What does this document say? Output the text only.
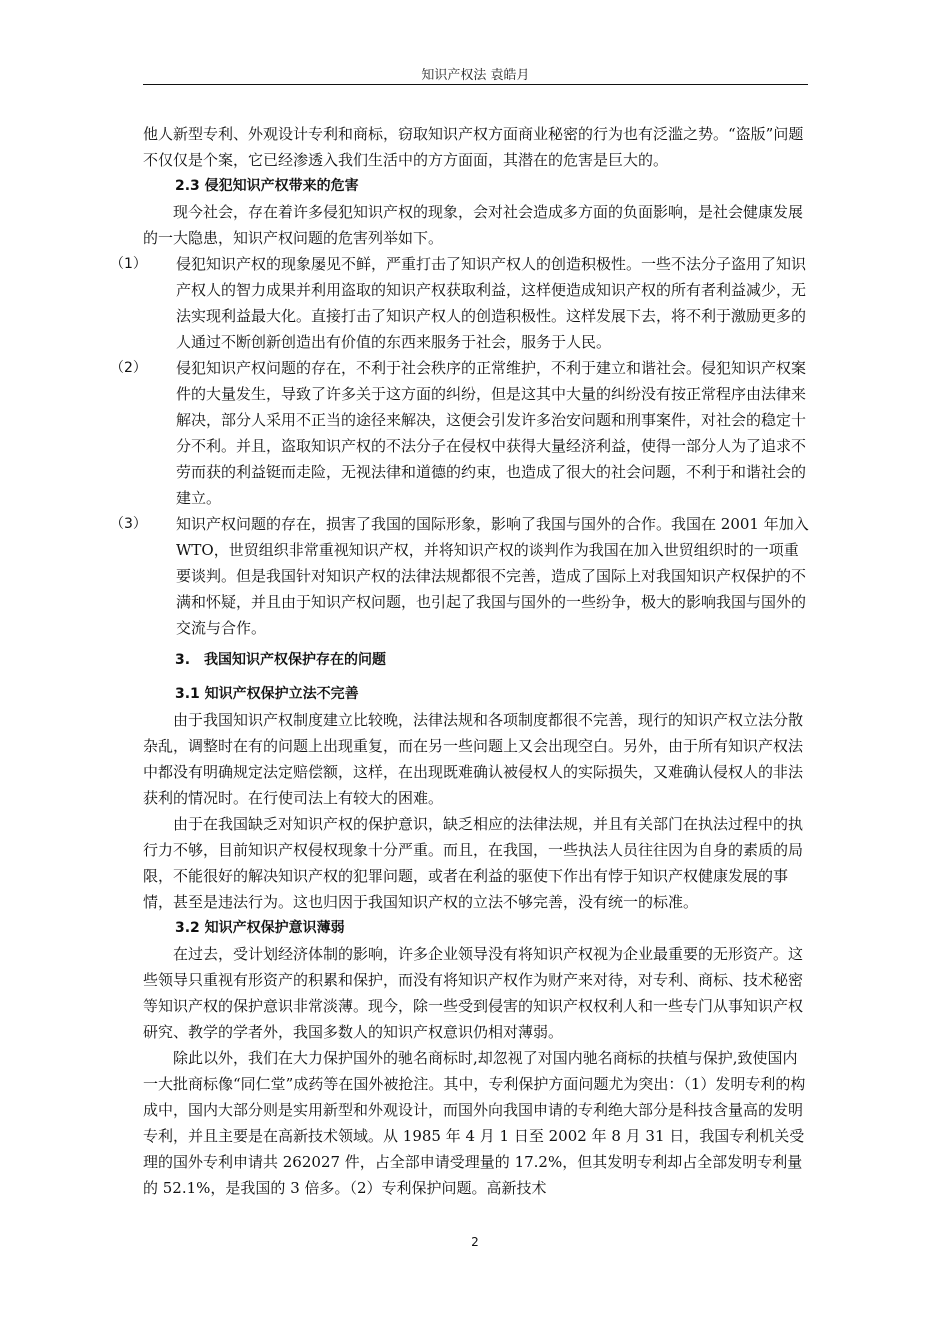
知识产权法 袁皓月

他人新型专利、外观设计专利和商标，窃取知识产权方面商业秘密的行为也有泛滥之势。“盗版”问题不仅仅是个案，它已经渗透入我们生活中的方方面面，其潜在的危害是巨大的。

2.3 侵犯知识产权带来的危害

现今社会，存在着许多侵犯知识产权的现象，会对社会造成多方面的负面影响，是社会健康发展的一大隐患，知识产权问题的危害列举如下。

（1）	侵犯知识产权的现象屡见不鲜，严重打击了知识产权人的创造积极性。一些不法分子盗用了知识产权人的智力成果并利用盗取的知识产权获取利益，这样便造成知识产权的所有者利益减少，无法实现利益最大化。直接打击了知识产权人的创造积极性。这样发展下去，将不利于激励更多的人通过不断创新创造出有价值的东西来服务于社会，服务于人民。

（2）	侵犯知识产权问题的存在，不利于社会秩序的正常维护，不利于建立和谐社会。侵犯知识产权案件的大量发生，导致了许多关于这方面的纠纷，但是这其中大量的纠纷没有按正常程序由法律来解决，部分人采用不正当的途径来解决，这便会引发许多治安问题和刑事案件，对社会的稳定十分不利。并且，盗取知识产权的不法分子在侵权中获得大量经济利益，使得一部分人为了追求不劳而获的利益铤而走险，无视法律和道德的约束，也造成了很大的社会问题，不利于和谐社会的建立。

（3）	知识产权问题的存在，损害了我国的国际形象，影响了我国与国外的合作。我国在 2001 年加入 WTO，世贸组织非常重视知识产权，并将知识产权的谈判作为我国在加入世贸组织时的一项重要谈判。但是我国针对知识产权的法律法规都很不完善，造成了国际上对我国知识产权保护的不满和怀疑，并且由于知识产权问题，也引起了我国与国外的一些纷争，极大的影响我国与国外的交流与合作。

3.　我国知识产权保护存在的问题

3.1 知识产权保护立法不完善

由于我国知识产权制度建立比较晚，法律法规和各项制度都很不完善，现行的知识产权立法分散杂乱，调整时在有的问题上出现重复，而在另一些问题上又会出现空白。另外，由于所有知识产权法中都没有明确规定法定赔偿额，这样，在出现既难确认被侵权人的实际损失，又难确认侵权人的非法获利的情况时。在行使司法上有较大的困难。

由于在我国缺乏对知识产权的保护意识，缺乏相应的法律法规，并且有关部门在执法过程中的执行力不够，目前知识产权侵权现象十分严重。而且，在我国，一些执法人员往往因为自身的素质的局限，不能很好的解决知识产权的犯罪问题，或者在利益的驱使下作出有悖于知识产权健康发展的事情，甚至是违法行为。这也归因于我国知识产权的立法不够完善，没有统一的标准。

3.2 知识产权保护意识薄弱

在过去，受计划经济体制的影响，许多企业领导没有将知识产权视为企业最重要的无形资产。这些领导只重视有形资产的积累和保护，而没有将知识产权作为财产来对待，对专利、商标、技术秘密等知识产权的保护意识非常淡薄。现今，除一些受到侵害的知识产权权利人和一些专门从事知识产权研究、教学的学者外，我国多数人的知识产权意识仍相对薄弱。

除此以外，我们在大力保护国外的驰名商标时,却忽视了对国内驰名商标的扶植与保护,致使国内一大批商标像“同仁堂”成药等在国外被抢注。其中，专利保护方面问题尤为突出：（1）发明专利的构成中，国内大部分则是实用新型和外观设计，而国外向我国申请的专利绝大部分是科技含量高的发明专利，并且主要是在高新技术领域。从 1985 年 4 月 1 日至 2002 年 8 月 31 日，我国专利机关受理的国外专利申请共 262027 件，占全部申请受理量的 17.2%，但其发明专利却占全部发明专利量的 52.1%，是我国的 3 倍多。（2）专利保护问题。高新技术

2
